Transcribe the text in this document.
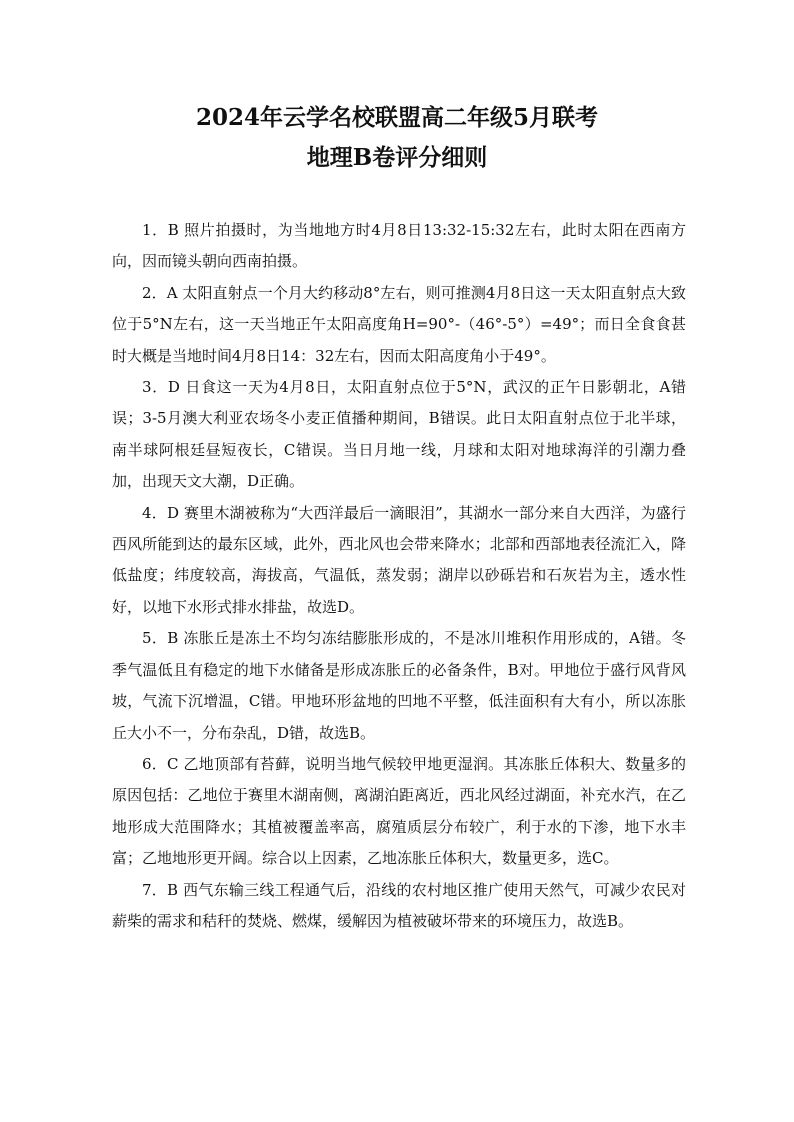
2024年云学名校联盟高二年级5月联考
地理B卷评分细则

1．B 照片拍摄时，为当地地方时4月8日13:32-15:32左右，此时太阳在西南方向，因而镜头朝向西南拍摄。

2．A 太阳直射点一个月大约移动8°左右，则可推测4月8日这一天太阳直射点大致位于5°N左右，这一天当地正午太阳高度角H=90°-（46°-5°）=49°；而日全食食甚时大概是当地时间4月8日14：32左右，因而太阳高度角小于49°。

3．D 日食这一天为4月8日，太阳直射点位于5°N，武汉的正午日影朝北，A错误；3-5月澳大利亚农场冬小麦正值播种期间，B错误。此日太阳直射点位于北半球，南半球阿根廷昼短夜长，C错误。当日月地一线，月球和太阳对地球海洋的引潮力叠加，出现天文大潮，D正确。

4．D 赛里木湖被称为“大西洋最后一滴眼泪”，其湖水一部分来自大西洋，为盛行西风所能到达的最东区域，此外，西北风也会带来降水；北部和西部地表径流汇入，降低盐度；纬度较高，海拔高，气温低，蒸发弱；湖岸以砂砾岩和石灰岩为主，透水性好，以地下水形式排水排盐，故选D。

5．B 冻胀丘是冻土不均匀冻结膨胀形成的，不是冰川堆积作用形成的，A错。冬季气温低且有稳定的地下水储备是形成冻胀丘的必备条件，B对。甲地位于盛行风背风坡，气流下沉增温，C错。甲地环形盆地的凹地不平整，低洼面积有大有小，所以冻胀丘大小不一，分布杂乱，D错，故选B。

6．C 乙地顶部有苔藓，说明当地气候较甲地更湿润。其冻胀丘体积大、数量多的原因包括：乙地位于赛里木湖南侧，离湖泊距离近，西北风经过湖面，补充水汽，在乙地形成大范围降水；其植被覆盖率高，腐殖质层分布较广，利于水的下渗，地下水丰富；乙地地形更开阔。综合以上因素，乙地冻胀丘体积大，数量更多，选C。

7．B 西气东输三线工程通气后，沿线的农村地区推广使用天然气，可减少农民对薪柴的需求和秸秆的焚烧、燃煤，缓解因为植被破坏带来的环境压力，故选B。
